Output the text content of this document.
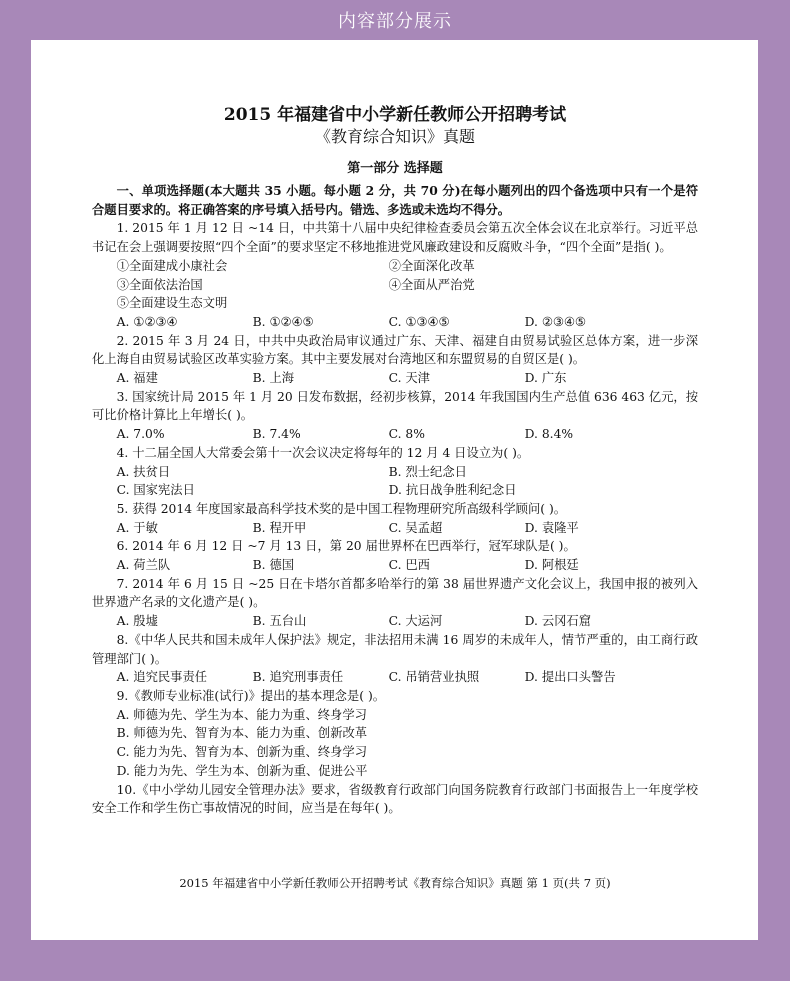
内容部分展示
2015 年福建省中小学新任教师公开招聘考试
《教育综合知识》真题
第一部分 选择题
一、单项选择题(本大题共 35 小题。每小题 2 分，共 70 分)在每小题列出的四个备选项中只有一个是符合题目要求的。将正确答案的序号填入括号内。错选、多选或未选均不得分。
1. 2015 年 1 月 12 日 ~14 日，中共第十八届中央纪律检查委员会第五次全体会议在北京举行。习近平总书记在会上强调要按照“四个全面”的要求坚定不移地推进党风廉政建设和反腐败斗争，“四个全面”是指( )。
①全面建成小康社会	②全面深化改革
③全面依法治国	④全面从严治党
⑤全面建设生态文明
A. ①②③④	B. ①②④⑤	C. ①③④⑤	D. ②③④⑤
2. 2015 年 3 月 24 日，中共中央政治局审议通过广东、天津、福建自由贸易试验区总体方案，进一步深化上海自由贸易试验区改革实验方案。其中主要发展对台湾地区和东盟贸易的自贸区是( )。
A. 福建	B. 上海	C. 天津	D. 广东
3. 国家统计局 2015 年 1 月 20 日发布数据，经初步核算，2014 年我国国内生产总值 636 463 亿元，按可比价格计算比上年增长( )。
A. 7.0%	B. 7.4%	C. 8%	D. 8.4%
4. 十二届全国人大常委会第十一次会议决定将每年的 12 月 4 日设立为( )。
A. 扶贫日	B. 烈士纪念日
C. 国家宪法日	D. 抗日战争胜利纪念日
5. 获得 2014 年度国家最高科学技术奖的是中国工程物理研究所高级科学顾问( )。
A. 于敏	B. 程开甲	C. 吴孟超	D. 袁隆平
6. 2014 年 6 月 12 日 ~7 月 13 日，第 20 届世界杯在巴西举行，冠军球队是( )。
A. 荷兰队	B. 德国	C. 巴西	D. 阿根廷
7. 2014 年 6 月 15 日 ~25 日在卡塔尔首都多哈举行的第 38 届世界遗产文化会议上，我国申报的被列入世界遗产名录的文化遗产是( )。
A. 殷墟	B. 五台山	C. 大运河	D. 云冈石窟
8.《中华人民共和国未成年人保护法》规定，非法招用未满 16 周岁的未成年人，情节严重的，由工商行政管理部门( )。
A. 追究民事责任	B. 追究刑事责任	C. 吊销营业执照	D. 提出口头警告
9.《教师专业标准(试行)》提出的基本理念是( )。
A. 师德为先、学生为本、能力为重、终身学习
B. 师德为先、智育为本、能力为重、创新改革
C. 能力为先、智育为本、创新为重、终身学习
D. 能力为先、学生为本、创新为重、促进公平
10.《中小学幼儿园安全管理办法》要求，省级教育行政部门向国务院教育行政部门书面报告上一年度学校安全工作和学生伤亡事故情况的时间，应当是在每年( )。
2015 年福建省中小学新任教师公开招聘考试《教育综合知识》真题 第 1 页(共 7 页)
